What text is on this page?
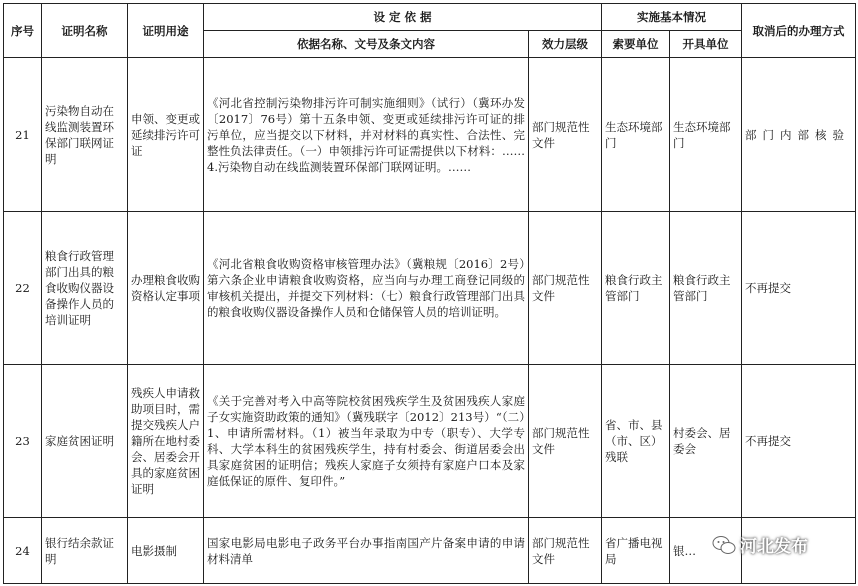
序号	证明名称	证明用途	设 定 依 据		实施基本情况		取消后的办理方式
			依据名称、文号及条文内容	效力层级	索要单位	开具单位	
21	污染物自动在线监测装置环保部门联网证明	申领、变更或延续排污许可证	《河北省控制污染物排污许可制实施细则》（试行）（冀环办发〔2017〕76号）第十五条申领、变更或延续排污许可证的排污单位，应当提交以下材料，并对材料的真实性、合法性、完整性负法律责任。（一）申领排污许可证需提供以下材料：……4.污染物自动在线监测装置环保部门联网证明。……	部门规范性文件	生态环境部门	生态环境部门	部门内部核验
22	粮食行政管理部门出具的粮食收购仪器设备操作人员的培训证明	办理粮食收购资格认定事项	《河北省粮食收购资格审核管理办法》（冀粮规〔2016〕2号）第六条企业申请粮食收购资格，应当向与办理工商登记同级的审核机关提出，并提交下列材料：（七）粮食行政管理部门出具的粮食收购仪器设备操作人员和仓储保管人员的培训证明。	部门规范性文件	粮食行政主管部门	粮食行政主管部门	不再提交
23	家庭贫困证明	残疾人申请救助项目时，需提交残疾人户籍所在地村委会、居委会开具的家庭贫困证明	《关于完善对考入中高等院校贫困残疾学生及贫困残疾人家庭子女实施资助政策的通知》（冀残联字〔2012〕213号）“（二）1、申请所需材料。（1）被当年录取为中专（职专）、大学专科、大学本科生的贫困残疾学生，持有村委会、街道居委会出具家庭贫困的证明信；残疾人家庭子女须持有家庭户口本及家庭低保证的原件、复印件。”	部门规范性文件	省、市、县（市、区）残联	村委会、居委会	不再提交
24	银行结余款证明	电影摄制	国家电影局电影电子政务平台办事指南国产片备案申请的申请材料清单	部门规范性文件	省广播电视局	银…		河北发布
